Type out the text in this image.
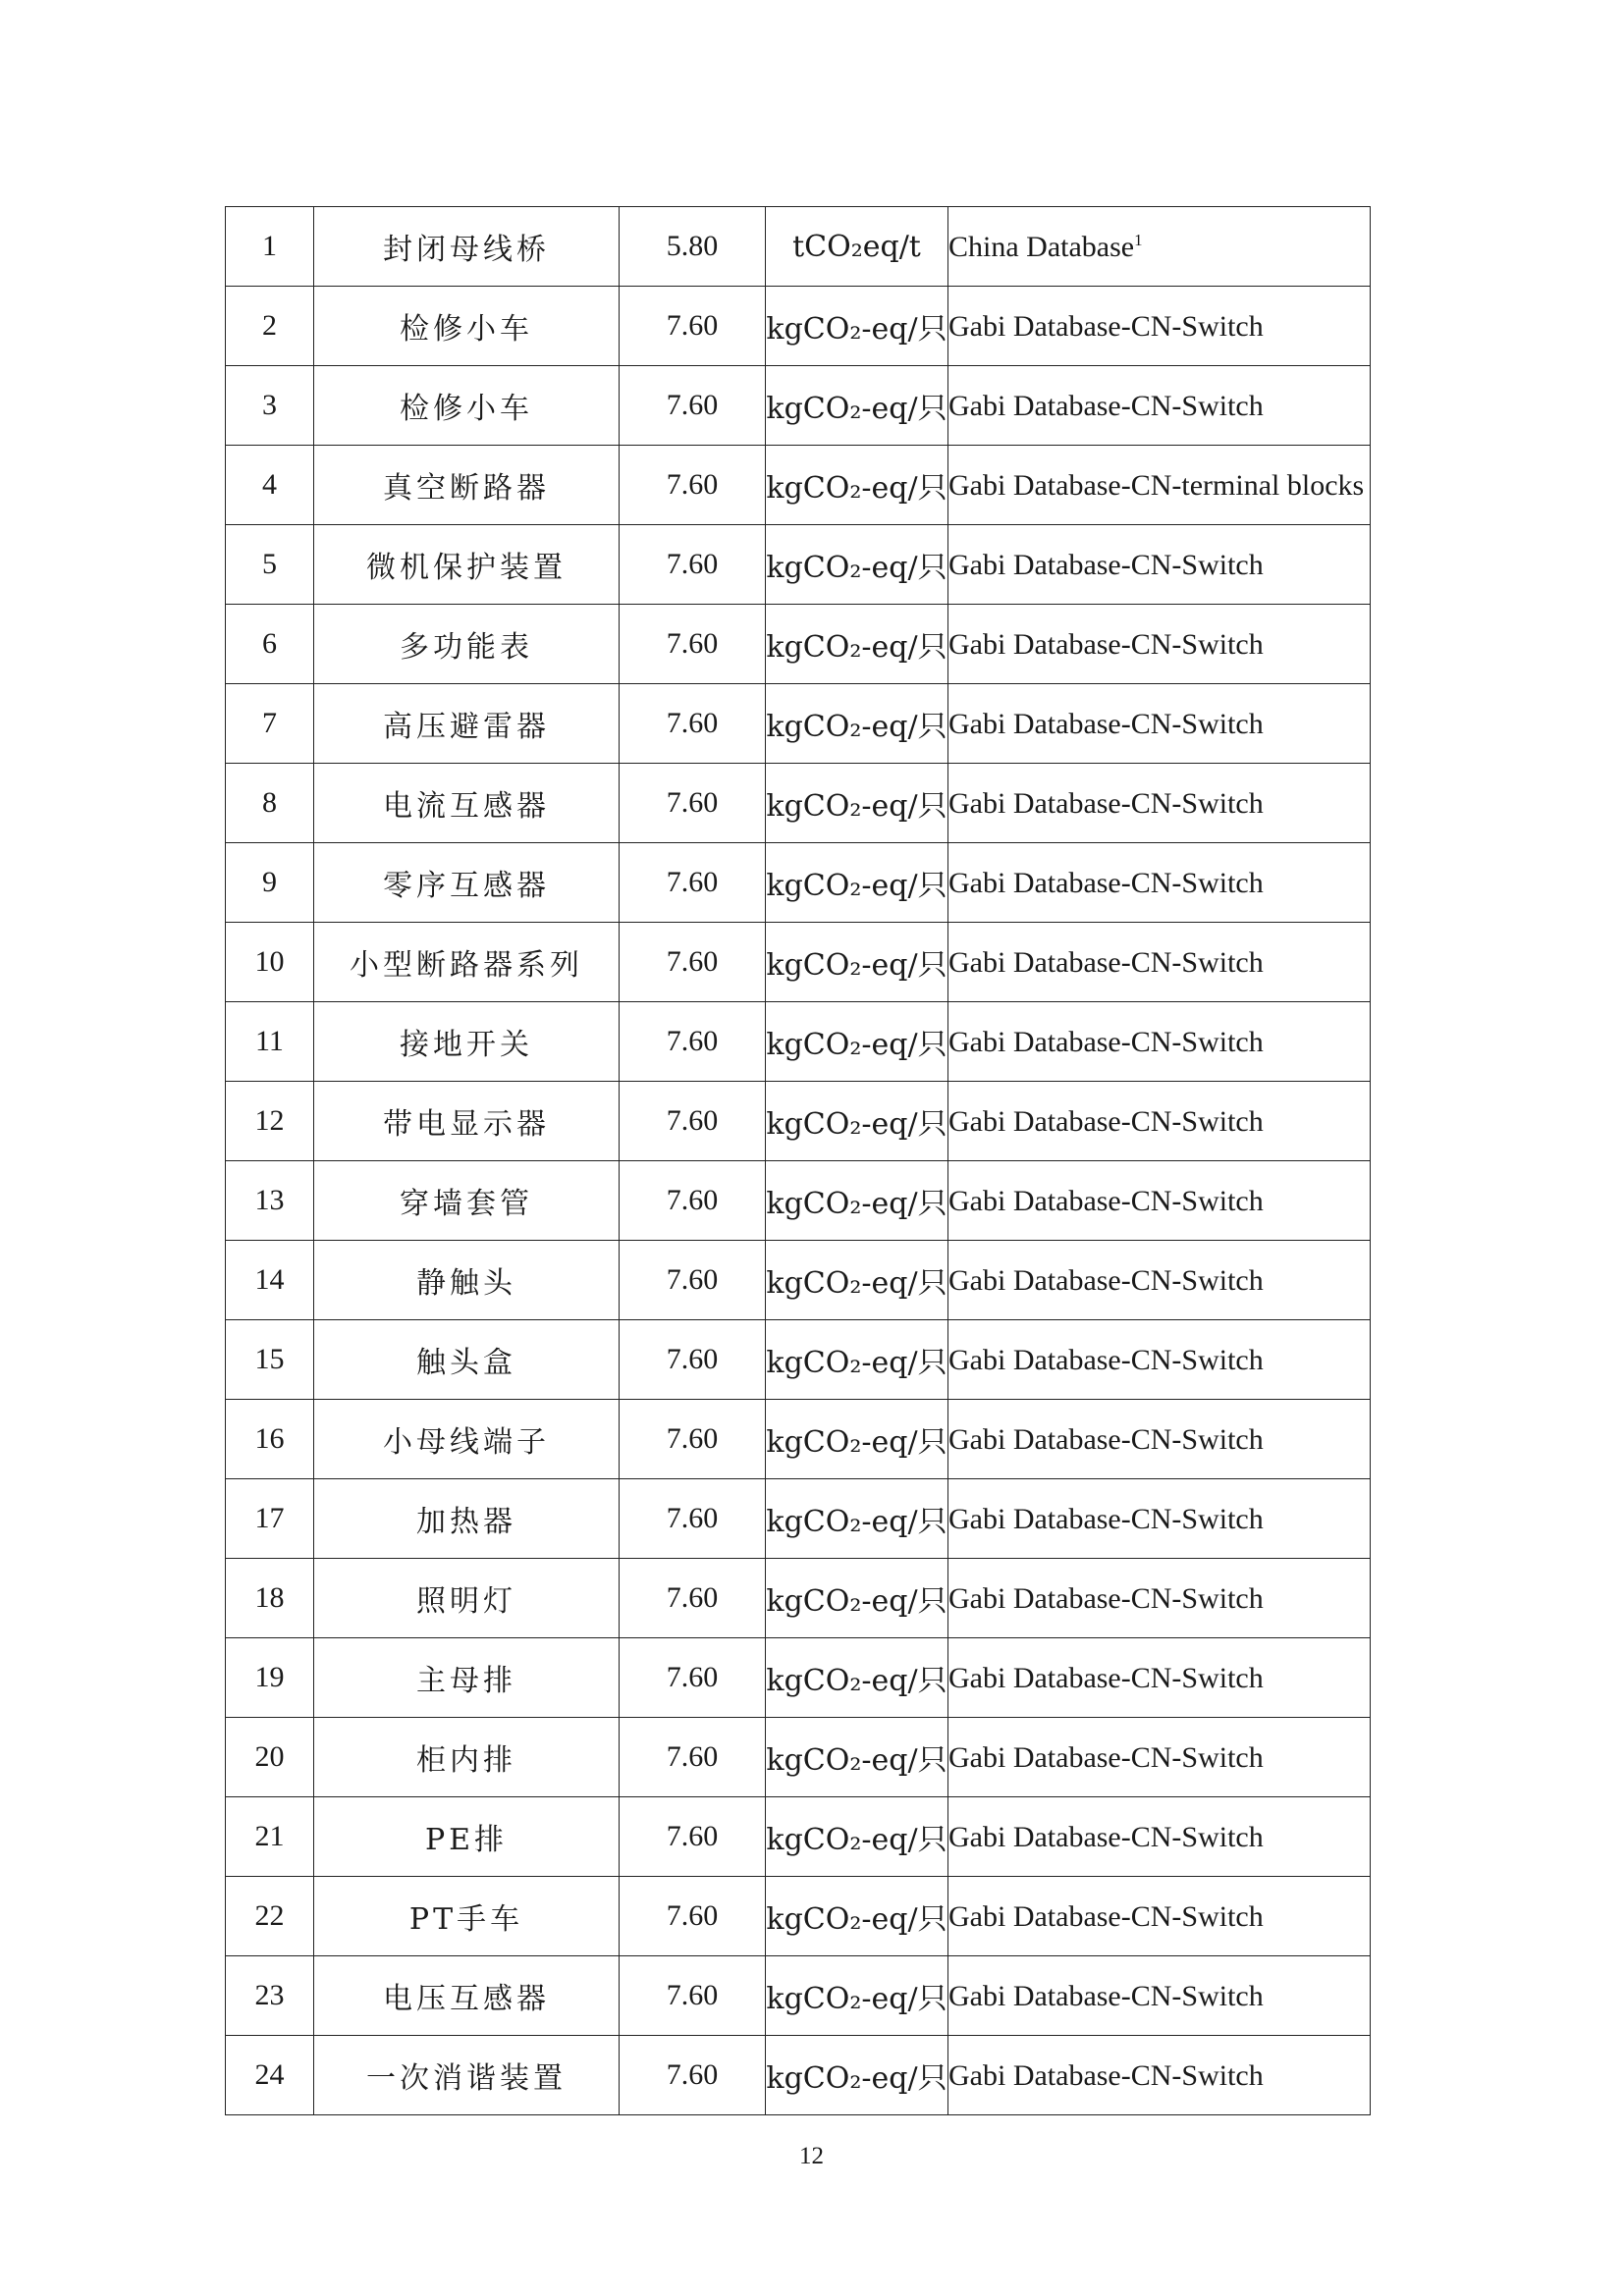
1	封闭母线桥	5.80	tCO₂eq/t	China Database$^1$
2	检修小车	7.60	kgCO₂-eq/只	Gabi Database-CN-Switch
3	检修小车	7.60	kgCO₂-eq/只	Gabi Database-CN-Switch
4	真空断路器	7.60	kgCO₂-eq/只	Gabi Database-CN-terminal blocks
5	微机保护装置	7.60	kgCO₂-eq/只	Gabi Database-CN-Switch
6	多功能表	7.60	kgCO₂-eq/只	Gabi Database-CN-Switch
7	高压避雷器	7.60	kgCO₂-eq/只	Gabi Database-CN-Switch
8	电流互感器	7.60	kgCO₂-eq/只	Gabi Database-CN-Switch
9	零序互感器	7.60	kgCO₂-eq/只	Gabi Database-CN-Switch
10	小型断路器系列	7.60	kgCO₂-eq/只	Gabi Database-CN-Switch
11	接地开关	7.60	kgCO₂-eq/只	Gabi Database-CN-Switch
12	带电显示器	7.60	kgCO₂-eq/只	Gabi Database-CN-Switch
13	穿墙套管	7.60	kgCO₂-eq/只	Gabi Database-CN-Switch
14	静触头	7.60	kgCO₂-eq/只	Gabi Database-CN-Switch
15	触头盒	7.60	kgCO₂-eq/只	Gabi Database-CN-Switch
16	小母线端子	7.60	kgCO₂-eq/只	Gabi Database-CN-Switch
17	加热器	7.60	kgCO₂-eq/只	Gabi Database-CN-Switch
18	照明灯	7.60	kgCO₂-eq/只	Gabi Database-CN-Switch
19	主母排	7.60	kgCO₂-eq/只	Gabi Database-CN-Switch
20	柜内排	7.60	kgCO₂-eq/只	Gabi Database-CN-Switch
21	PE排	7.60	kgCO₂-eq/只	Gabi Database-CN-Switch
22	PT手车	7.60	kgCO₂-eq/只	Gabi Database-CN-Switch
23	电压互感器	7.60	kgCO₂-eq/只	Gabi Database-CN-Switch
24	一次消谐装置	7.60	kgCO₂-eq/只	Gabi Database-CN-Switch
12
